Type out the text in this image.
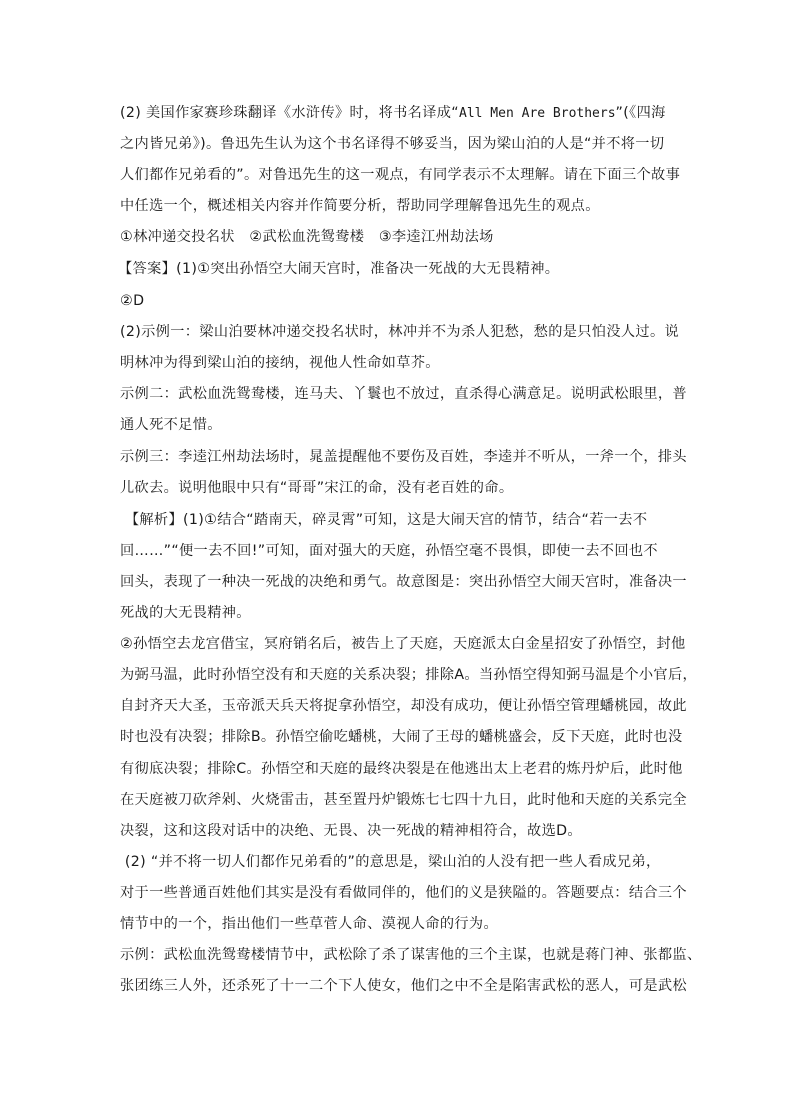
(2) 美国作家赛珍珠翻译《水浒传》时，将书名译成“All Men Are Brothers”(《四海
之内皆兄弟》)。鲁迅先生认为这个书名译得不够妥当，因为梁山泊的人是“并不将一切
人们都作兄弟看的”。对鲁迅先生的这一观点，有同学表示不太理解。请在下面三个故事
中任选一个，概述相关内容并作简要分析，帮助同学理解鲁迅先生的观点。
①林冲递交投名状   ②武松血洗鸳鸯楼   ③李逵江州劫法场
【答案】(1)①突出孙悟空大闹天宫时，准备决一死战的大无畏精神。
②D
(2)示例一：梁山泊要林冲递交投名状时，林冲并不为杀人犯愁，愁的是只怕没人过。说
明林冲为得到梁山泊的接纳，视他人性命如草芥。
示例二：武松血洗鸳鸯楼，连马夫、丫鬟也不放过，直杀得心满意足。说明武松眼里，普
通人死不足惜。
示例三：李逵江州劫法场时，晁盖提醒他不要伤及百姓，李逵并不听从，一斧一个，排头
儿砍去。说明他眼中只有“哥哥”宋江的命，没有老百姓的命。
【解析】(1)①结合“踏南天，碎灵霄”可知，这是大闹天宫的情节，结合“若一去不
回……”“便一去不回!”可知，面对强大的天庭，孙悟空毫不畏惧，即使一去不回也不
回头，表现了一种决一死战的决绝和勇气。故意图是：突出孙悟空大闹天宫时，准备决一
死战的大无畏精神。
②孙悟空去龙宫借宝，冥府销名后，被告上了天庭，天庭派太白金星招安了孙悟空，封他
为弼马温，此时孙悟空没有和天庭的关系决裂；排除A。当孙悟空得知弼马温是个小官后，
自封齐天大圣，玉帝派天兵天将捉拿孙悟空，却没有成功，便让孙悟空管理蟠桃园，故此
时也没有决裂；排除B。孙悟空偷吃蟠桃，大闹了王母的蟠桃盛会，反下天庭，此时也没
有彻底决裂；排除C。孙悟空和天庭的最终决裂是在他逃出太上老君的炼丹炉后，此时他
在天庭被刀砍斧剁、火烧雷击，甚至置丹炉锻炼七七四十九日，此时他和天庭的关系完全
决裂，这和这段对话中的决绝、无畏、决一死战的精神相符合，故选D。
(2) “并不将一切人们都作兄弟看的”的意思是，梁山泊的人没有把一些人看成兄弟，
对于一些普通百姓他们其实是没有看做同伴的，他们的义是狭隘的。答题要点：结合三个
情节中的一个，指出他们一些草菅人命、漠视人命的行为。
示例：武松血洗鸳鸯楼情节中，武松除了杀了谋害他的三个主谋，也就是蒋门神、张都监、
张团练三人外，还杀死了十一二个下人使女，他们之中不全是陷害武松的恶人，可是武松
